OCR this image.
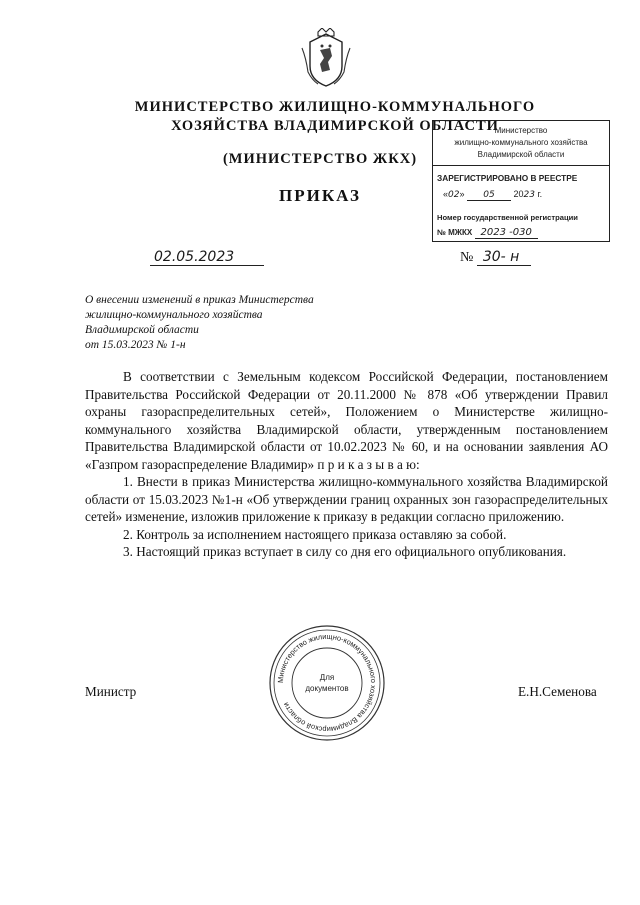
МИНИСТЕРСТВО ЖИЛИЩНО-КОММУНАЛЬНОГО
ХОЗЯЙСТВА ВЛАДИМИРСКОЙ ОБЛАСТИ
(МИНИСТЕРСТВО ЖКХ)
ПРИКАЗ
Министерство
жилищно-коммунального хозяйства
Владимирской области
ЗАРЕГИСТРИРОВАНО В РЕЕСТРЕ
«02» 05 2023 г.
Номер государственной регистрации
№ МЖКХ 2023 -030
02.05.2023	№ 30- н
О внесении изменений в приказ Министерства
жилищно-коммунального хозяйства
Владимирской области
от 15.03.2023 № 1-н

В соответствии с Земельным кодексом Российской Федерации, постановлением Правительства Российской Федерации от 20.11.2000 № 878 «Об утверждении Правил охраны газораспределительных сетей», Положением о Министерстве жилищно-коммунального хозяйства Владимирской области, утвержденным постановлением Правительства Владимирской области от 10.02.2023 № 60, и на основании заявления АО «Газпром газораспределение Владимир» п р и к а з ы в а ю:

1. Внести в приказ Министерства жилищно-коммунального хозяйства Владимирской области от 15.03.2023 №1-н «Об утверждении границ охранных зон газораспределительных сетей» изменение, изложив приложение к приказу в редакции согласно приложению.

2. Контроль за исполнением настоящего приказа оставляю за собой.

3. Настоящий приказ вступает в силу со дня его официального опубликования.

Министерство жилищно-коммунального хозяйства Владимирской области
Для
документов
Министр	Е.Н.Семенова
